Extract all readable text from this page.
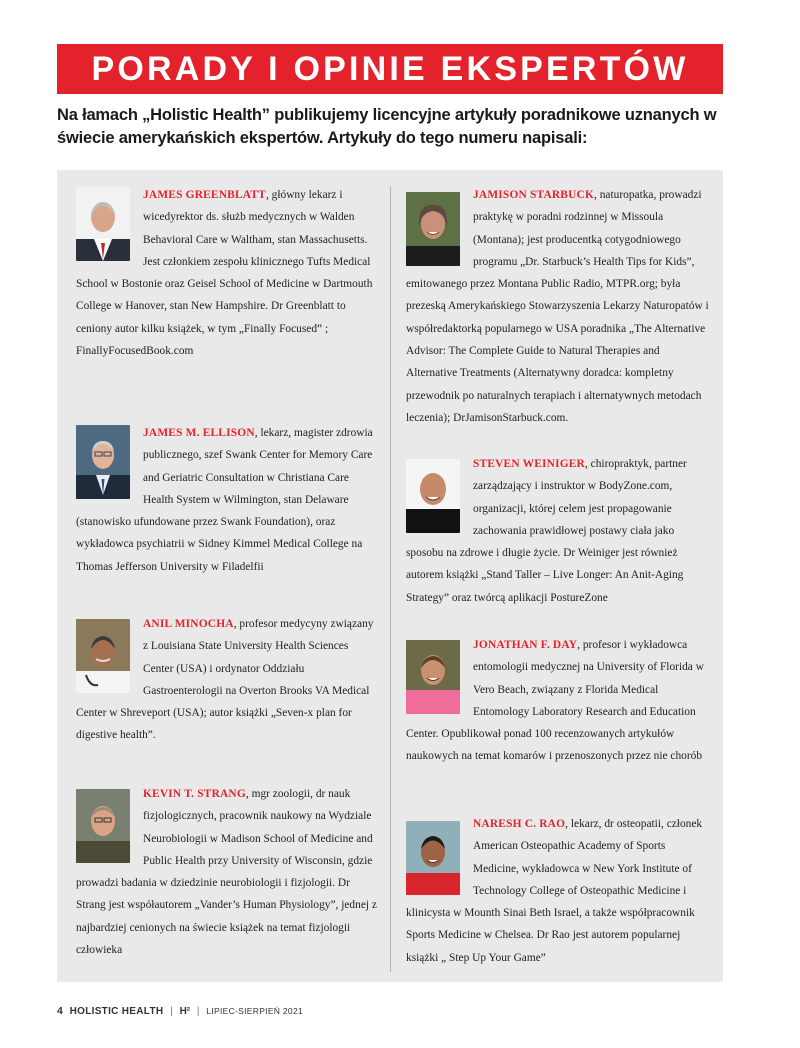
PORADY I OPINIE EKSPERTÓW
Na łamach „Holistic Health” publikujemy licencyjne artykuły poradnikowe uznanych w świecie amerykańskich ekspertów. Artykuły do tego numeru napisali:
JAMES GREENBLATT, główny lekarz i wicedyrektor ds. służb medycznych w Walden Behavioral Care w Waltham, stan Massachusetts. Jest członkiem zespołu klinicznego Tufts Medical School w Bostonie oraz Geisel School of Medicine w Dartmouth College w Hanover, stan New Hampshire. Dr Greenblatt to ceniony autor kilku książek, w tym „Finally Focused” ; FinallyFocusedBook.com
JAMES M. ELLISON, lekarz, magister zdrowia publicznego, szef Swank Center for Memory Care and Geriatric Consultation w Christiana Care Health System w Wilmington, stan Delaware (stanowisko ufundowane przez Swank Foundation), oraz wykładowca psychiatrii w Sidney Kimmel Medical College na Thomas Jefferson University w Filadelfii
ANIL MINOCHA, profesor medycyny związany z Louisiana State University Health Sciences Center (USA) i ordynator Oddziału Gastroenterologii na Overton Brooks VA Medical Center w Shreveport (USA); autor książki „Seven-x plan for digestive health”.
KEVIN T. STRANG, mgr zoologii, dr nauk fizjologicznych, pracownik naukowy na Wydziale Neurobiologii w Madison School of Medicine and Public Health przy University of Wisconsin, gdzie prowadzi badania w dziedzinie neurobiologii i fizjologii. Dr Strang jest współautorem „Vander’s Human Physiology”, jednej z najbardziej cenionych na świecie książek na temat fizjologii człowieka
JAMISON STARBUCK, naturopatka, prowadzi praktykę w poradni rodzinnej w Missoula (Montana); jest producentką cotygodniowego programu „Dr. Starbuck’s Health Tips for Kids”, emitowanego przez Montana Public Radio, MTPR.org; była prezeską Amerykańskiego Stowarzyszenia Lekarzy Naturopatów i współredaktorką popularnego w USA poradnika „The Alternative Advisor: The Complete Guide to Natural Therapies and Alternative Treatments (Alternatywny doradca: kompletny przewodnik po naturalnych terapiach i alternatywnych metodach leczenia); DrJamisonStarbuck.com.
STEVEN WEINIGER, chiropraktyk, partner zarządzający i instruktor w BodyZone.com, organizacji, której celem jest propagowanie zachowania prawidłowej postawy ciała jako sposobu na zdrowe i długie życie. Dr Weiniger jest również autorem książki „Stand Taller – Live Longer: An Anit-Aging Strategy” oraz twórcą aplikacji PostureZone
JONATHAN F. DAY, profesor i wykładowca entomologii medycznej na University of Florida w Vero Beach, związany z Florida Medical Entomology Laboratory Research and Education Center. Opublikował ponad 100 recenzowanych artykułów naukowych na temat komarów i przenoszonych przez nie chorób
NARESH C. RAO, lekarz, dr osteopatii, członek American Osteopathic Academy of Sports Medicine, wykładowca w New York Institute of Technology College of Osteopathic Medicine i klinicysta w Mounth Sinai Beth Israel, a także współpracownik Sports Medicine w Chelsea. Dr Rao jest autorem popularnej książki „ Step Up Your Game”
4 HOLISTIC HEALTH | H² | LIPIEC-SIERPIEŃ 2021
